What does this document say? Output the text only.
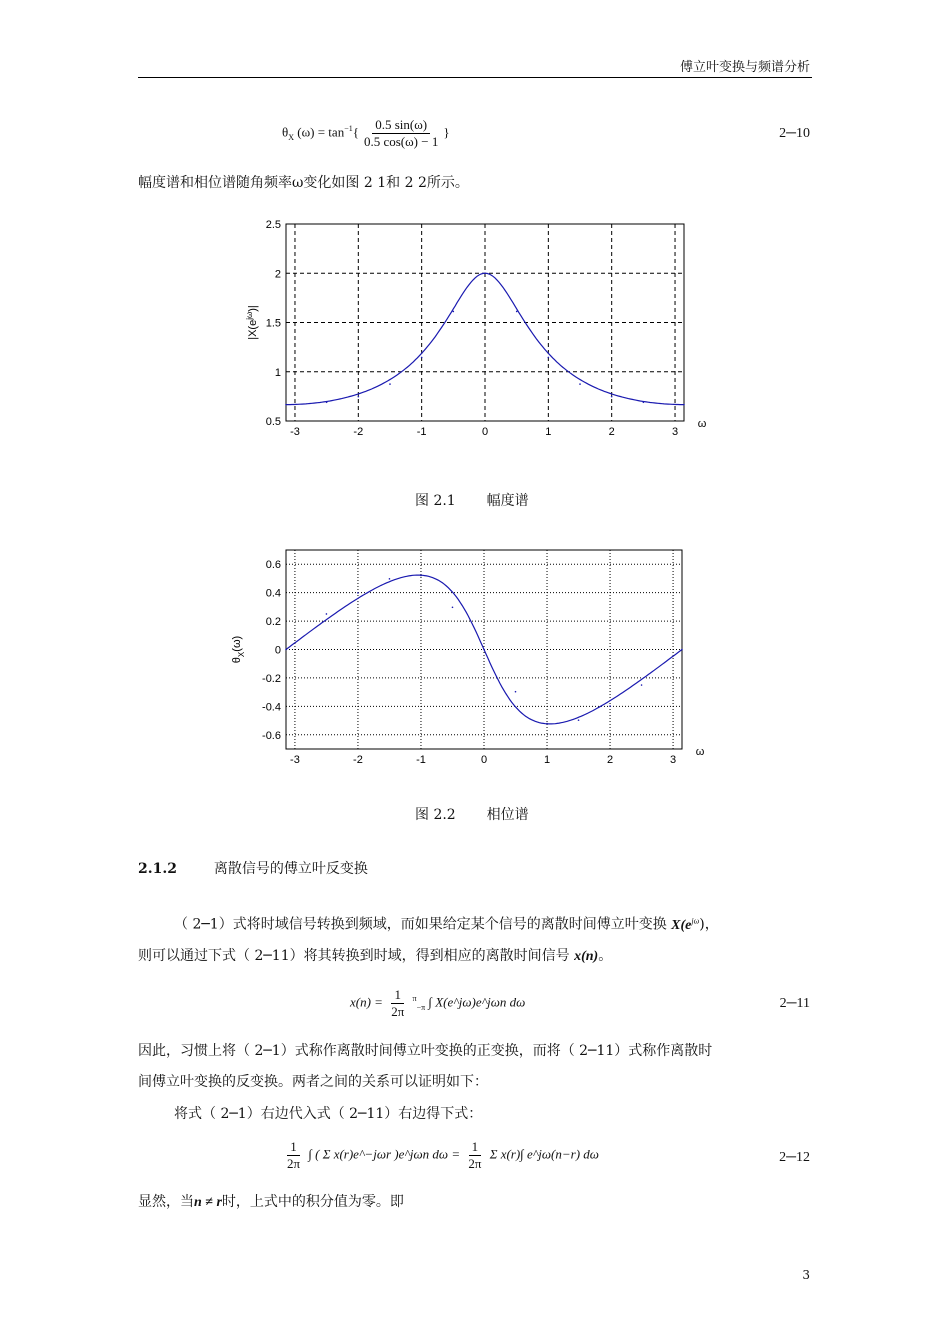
傅立叶变换与频谱分析
$\theta_X$ $(\omega) = \tan^{-1}\{ \frac{0.5 \sin(\omega)}{0.5 \cos(\omega) - 1}$ }	2─10
幅度谱和相位谱随角频率ω变化如图 2 1和 2 2所示。
-3	-2	-1	0	1	2	3
0.5
1
1.5
2
2.5
ω
$|X(e^{j\omega})|$
图 2.1 幅度谱
-3	-2	-1	0	1	2	3
-0.6
-0.4
-0.2
0
0.2
0.4
0.6
ω
$\theta_X(\omega)$
图 2.2 相位谱
2.1.2	离散信号的傅立叶反变换
（ 2─1）式将时域信号转换到频域，而如果给定某个信号的离散时间傅立叶变换 $X(e^{j\omega})$，
则可以通过下式（ 2─11）将其转换到时域，得到相应的离散时间信号 x(n)。
$x(n) = \frac{1}{2\pi} ^\pi_{-\pi}$ ∫ X(e^jω)e^jωn dω	2─11
因此，习惯上将（ 2─1）式称作离散时间傅立叶变换的正变换，而将（ 2─11）式称作离散时
间傅立叶变换的反变换。两者之间的关系可以证明如下：
将式（ 2─1）右边代入式（ 2─11）右边得下式：
$\frac{1}{2\pi}$ ∫ ( Σ x(r)e^−jωr )e^jωn $d\omega = \frac{1}{2\pi}$ Σ x(r)∫ e^jω(n−r) dω	2─12
显然，当n ≠ r时，上式中的积分值为零。即
3
